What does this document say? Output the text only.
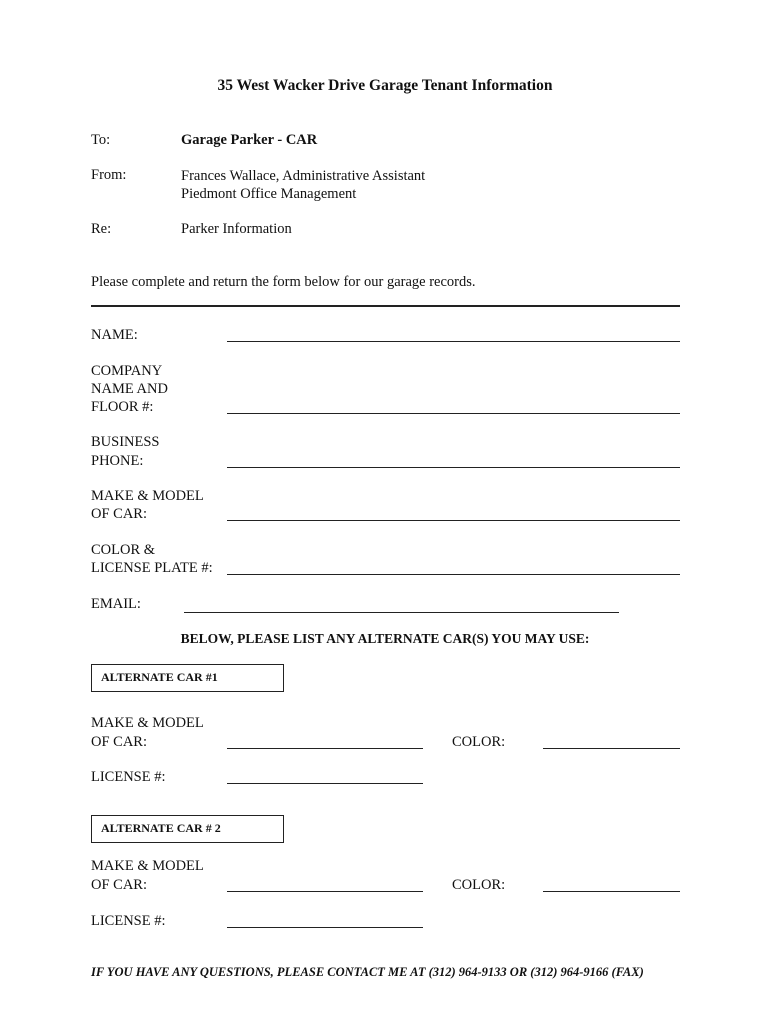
35 West Wacker Drive Garage Tenant Information
To:	Garage Parker - CAR
From:	Frances Wallace, Administrative Assistant
Piedmont Office Management
Re:	Parker Information
Please complete and return the form below for our garage records.
NAME:
COMPANY
NAME AND
FLOOR #:
BUSINESS
PHONE:
MAKE & MODEL
OF CAR:
COLOR &
LICENSE PLATE #:
EMAIL:
BELOW, PLEASE LIST ANY ALTERNATE CAR(S) YOU MAY USE:
ALTERNATE CAR #1
MAKE & MODEL
OF CAR:	COLOR:
LICENSE #:
ALTERNATE CAR # 2
MAKE & MODEL
OF CAR:	COLOR:
LICENSE #:
IF YOU HAVE ANY QUESTIONS, PLEASE CONTACT ME AT (312) 964-9133 OR (312) 964-9166 (FAX)
